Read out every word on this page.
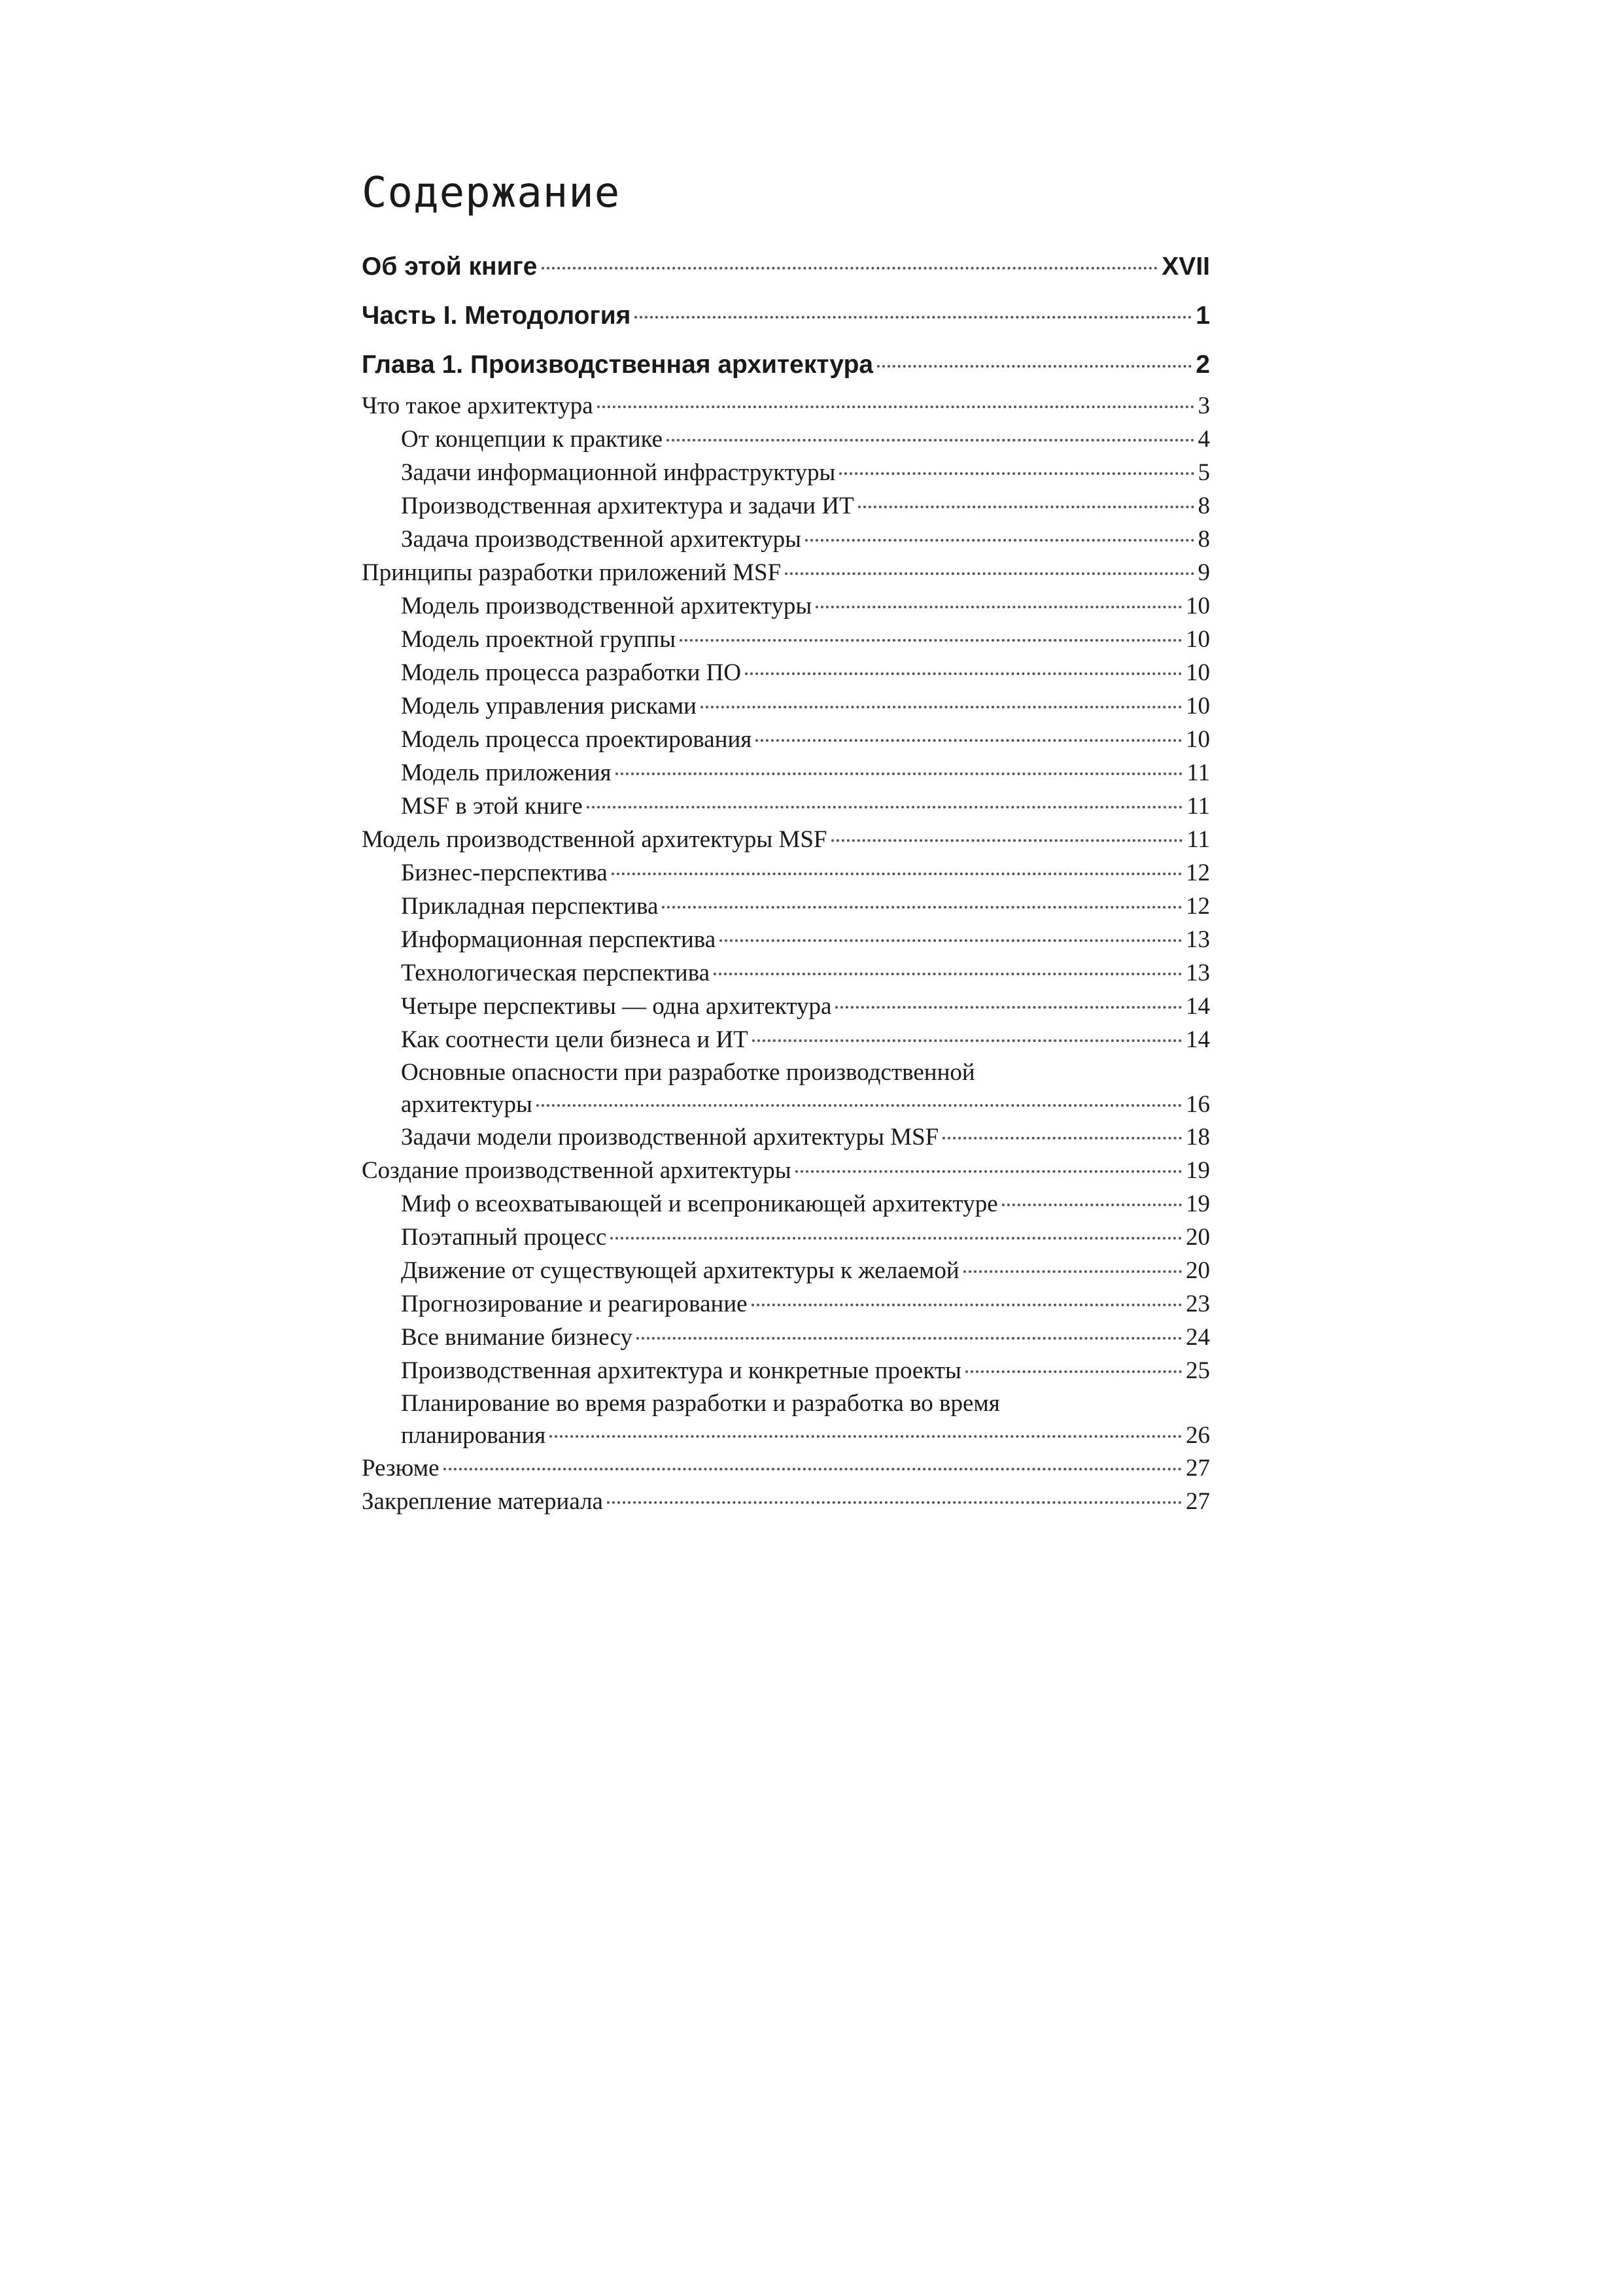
Содержание
Об этой книге	XVII
Часть I. Методология	1
Глава 1. Производственная архитектура	2
Что такое архитектура	3
От концепции к практике	4
Задачи информационной инфраструктуры	5
Производственная архитектура и задачи ИТ	8
Задача производственной архитектуры	8
Принципы разработки приложений MSF	9
Модель производственной архитектуры	10
Модель проектной группы	10
Модель процесса разработки ПО	10
Модель управления рисками	10
Модель процесса проектирования	10
Модель приложения	11
MSF в этой книге	11
Модель производственной архитектуры MSF	11
Бизнес-перспектива	12
Прикладная перспектива	12
Информационная перспектива	13
Технологическая перспектива	13
Четыре перспективы — одна архитектура	14
Как соотнести цели бизнеса и ИТ	14
Основные опасности при разработке производственной
архитектуры	16
Задачи модели производственной архитектуры MSF	18
Создание производственной архитектуры	19
Миф о всеохватывающей и всепроникающей архитектуре	19
Поэтапный процесс	20
Движение от существующей архитектуры к желаемой	20
Прогнозирование и реагирование	23
Все внимание бизнесу	24
Производственная архитектура и конкретные проекты	25
Планирование во время разработки и разработка во время
планирования	26
Резюме	27
Закрепление материала	27
